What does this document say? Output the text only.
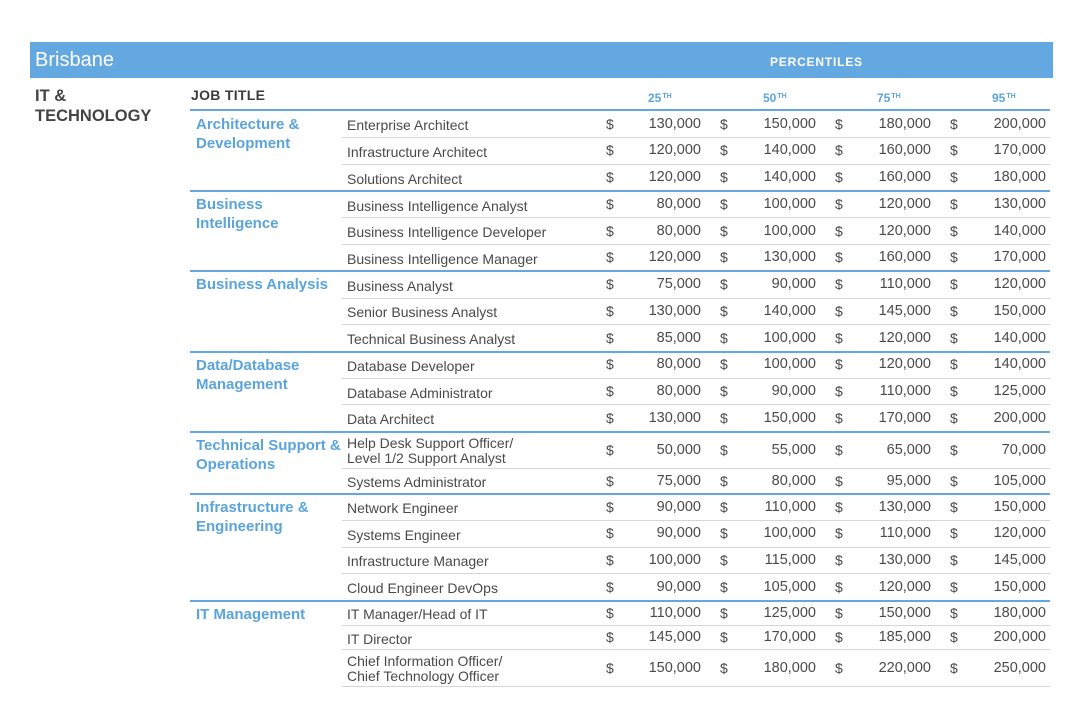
Brisbane	PERCENTILES
IT &
TECHNOLOGY
JOB TITLE	25TH	50TH	75TH	95TH
Architecture & Development
Enterprise Architect	$	130,000 $	150,000 $	180,000 $	200,000
Infrastructure Architect	$	120,000 $	140,000 $	160,000 $	170,000
Solutions Architect	$	120,000 $	140,000 $	160,000 $	180,000
Business Intelligence
Business Intelligence Analyst	$	80,000 $	100,000 $	120,000 $	130,000
Business Intelligence Developer	$	80,000 $	100,000 $	120,000 $	140,000
Business Intelligence Manager	$	120,000 $	130,000 $	160,000 $	170,000
Business Analysis	Business Analyst	$	75,000 $	90,000 $	110,000 $	120,000
Senior Business Analyst	$	130,000 $	140,000 $	145,000 $	150,000
Technical Business Analyst	$	85,000 $	100,000 $	120,000 $	140,000
Data/Database Management
Database Developer	$	80,000 $	100,000 $	120,000 $	140,000
Database Administrator	$	80,000 $	90,000 $	110,000 $	125,000
Data Architect	$	130,000 $	150,000 $	170,000 $	200,000
Technical Support & Operations
Help Desk Support Officer/
Level 1/2 Support Analyst	$	50,000 $	55,000 $	65,000 $	70,000
Systems Administrator	$	75,000 $	80,000 $	95,000 $	105,000
Infrastructure & Engineering
Network Engineer	$	90,000 $	110,000 $	130,000 $	150,000
Systems Engineer	$	90,000 $	100,000 $	110,000 $	120,000
Infrastructure Manager	$	100,000 $	115,000 $	130,000 $	145,000
Cloud Engineer DevOps	$	90,000 $	105,000 $	120,000 $	150,000
IT Management	IT Manager/Head of IT	$	110,000 $	125,000 $	150,000 $	180,000
IT Director	$	145,000 $	170,000 $	185,000 $	200,000
Chief Information Officer/
Chief Technology Officer	$	150,000 $	180,000 $	220,000 $	250,000
